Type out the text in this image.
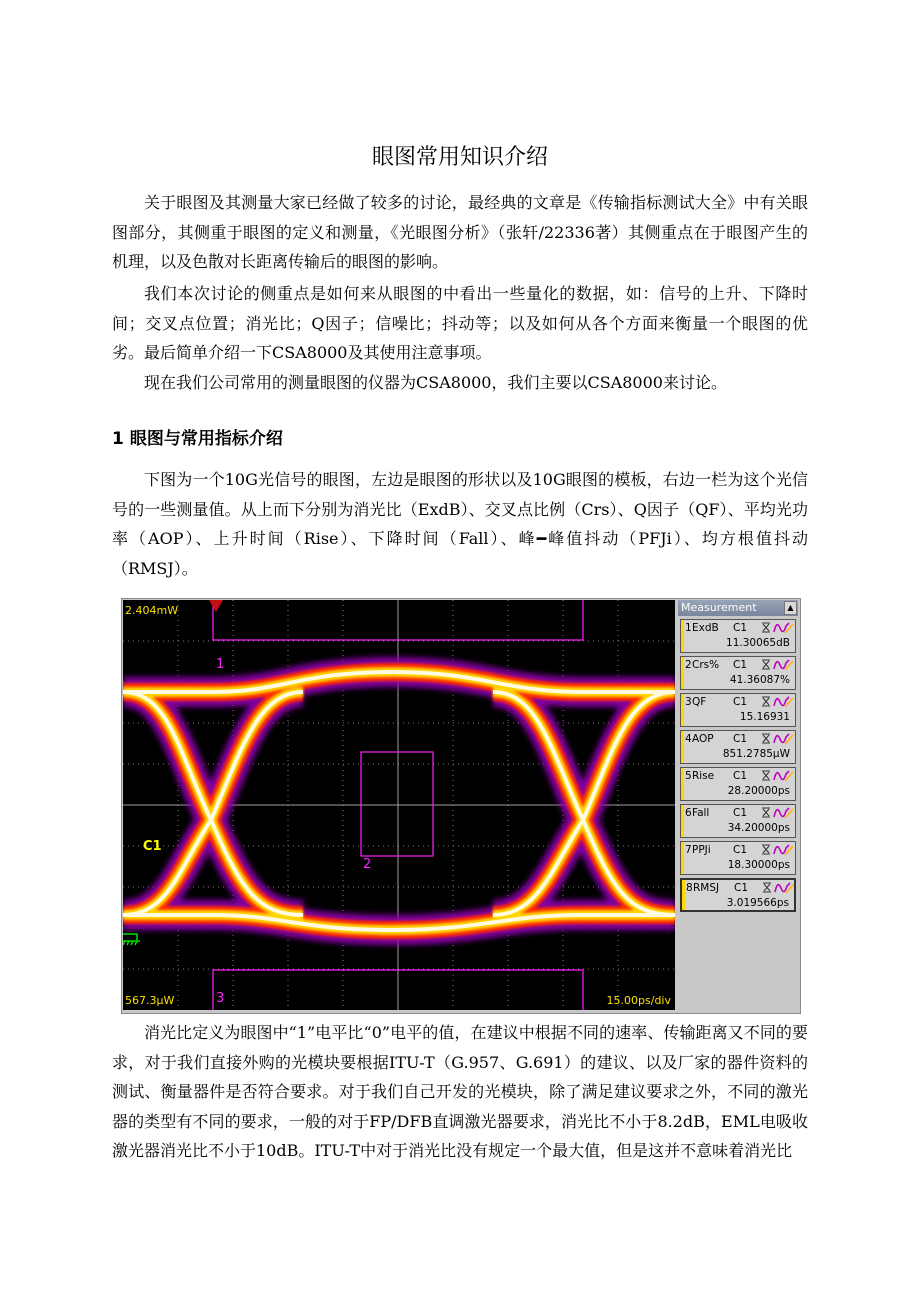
眼图常用知识介绍

关于眼图及其测量大家已经做了较多的讨论，最经典的文章是《传输指标测试大全》中有关眼图部分，其侧重于眼图的定义和测量，《光眼图分析》（张轩/22336著）其侧重点在于眼图产生的机理，以及色散对长距离传输后的眼图的影响。

我们本次讨论的侧重点是如何来从眼图的中看出一些量化的数据，如：信号的上升、下降时间；交叉点位置；消光比；Q因子；信噪比；抖动等；以及如何从各个方面来衡量一个眼图的优劣。最后简单介绍一下CSA8000及其使用注意事项。

现在我们公司常用的测量眼图的仪器为CSA8000，我们主要以CSA8000来讨论。

1 眼图与常用指标介绍

下图为一个10G光信号的眼图，左边是眼图的形状以及10G眼图的模板，右边一栏为这个光信号的一些测量值。从上而下分别为消光比（ExdB）、交叉点比例（Crs）、Q因子（QF）、平均光功率（AOP）、上升时间（Rise）、下降时间（Fall）、峰━峰值抖动（PFJi）、均方根值抖动（RMSJ）。

2.404mW
567.3µW	15.00ps/div
C1
1
2
3
Measurement	▲
1 ExdB C1
11.30065dB
2 Crs% C1
41.36087%
3 QF	C1
15.16931
4 AOP C1
851.2785µW
5 Rise C1
28.20000ps
6 Fall C1
34.20000ps
7 PPJi C1
18.30000ps
8 RMSJ C1
3.019566ps

消光比定义为眼图中“1”电平比“0”电平的值，在建议中根据不同的速率、传输距离又不同的要求，对于我们直接外购的光模块要根据ITU-T（G.957、G.691）的建议、以及厂家的器件资料的测试、衡量器件是否符合要求。对于我们自己开发的光模块，除了满足建议要求之外，不同的激光器的类型有不同的要求，一般的对于FP/DFB直调激光器要求，消光比不小于8.2dB，EML电吸收激光器消光比不小于10dB。ITU-T中对于消光比没有规定一个最大值，但是这并不意味着消光比
